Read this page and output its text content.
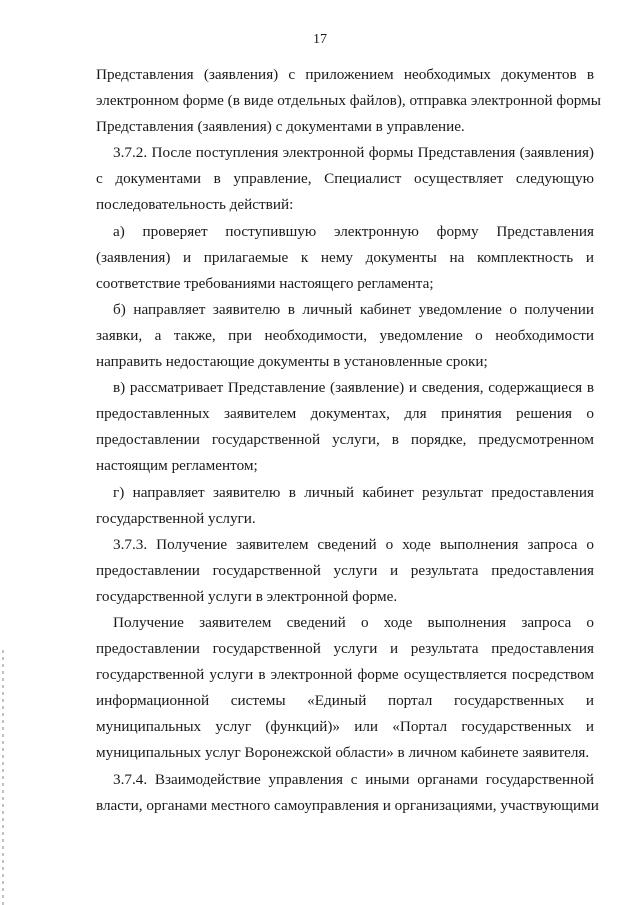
17
Представления (заявления) с приложением необходимых документов в
электронном форме (в виде отдельных файлов), отправка электронной формы
Представления (заявления) с документами в управление.
3.7.2. После поступления электронной формы Представления (заявления)
с документами в управление, Специалист осуществляет следующую
последовательность действий:
а) проверяет поступившую электронную форму Представления
(заявления) и прилагаемые к нему документы на комплектность и
соответствие требованиями настоящего регламента;
б) направляет заявителю в личный кабинет уведомление о получении
заявки, а также, при необходимости, уведомление о необходимости
направить недостающие документы в установленные сроки;
в) рассматривает Представление (заявление) и сведения, содержащиеся в
предоставленных заявителем документах, для принятия решения о
предоставлении государственной услуги, в порядке, предусмотренном
настоящим регламентом;
г) направляет заявителю в личный кабинет результат предоставления
государственной услуги.
3.7.3. Получение заявителем сведений о ходе выполнения запроса о
предоставлении государственной услуги и результата предоставления
государственной услуги в электронной форме.
Получение заявителем сведений о ходе выполнения запроса о
предоставлении государственной услуги и результата предоставления
государственной услуги в электронной форме осуществляется посредством
информационной системы «Единый портал государственных и
муниципальных услуг (функций)» или «Портал государственных и
муниципальных услуг Воронежской области» в личном кабинете заявителя.
3.7.4. Взаимодействие управления с иными органами государственной
власти, органами местного самоуправления и организациями, участвующими
